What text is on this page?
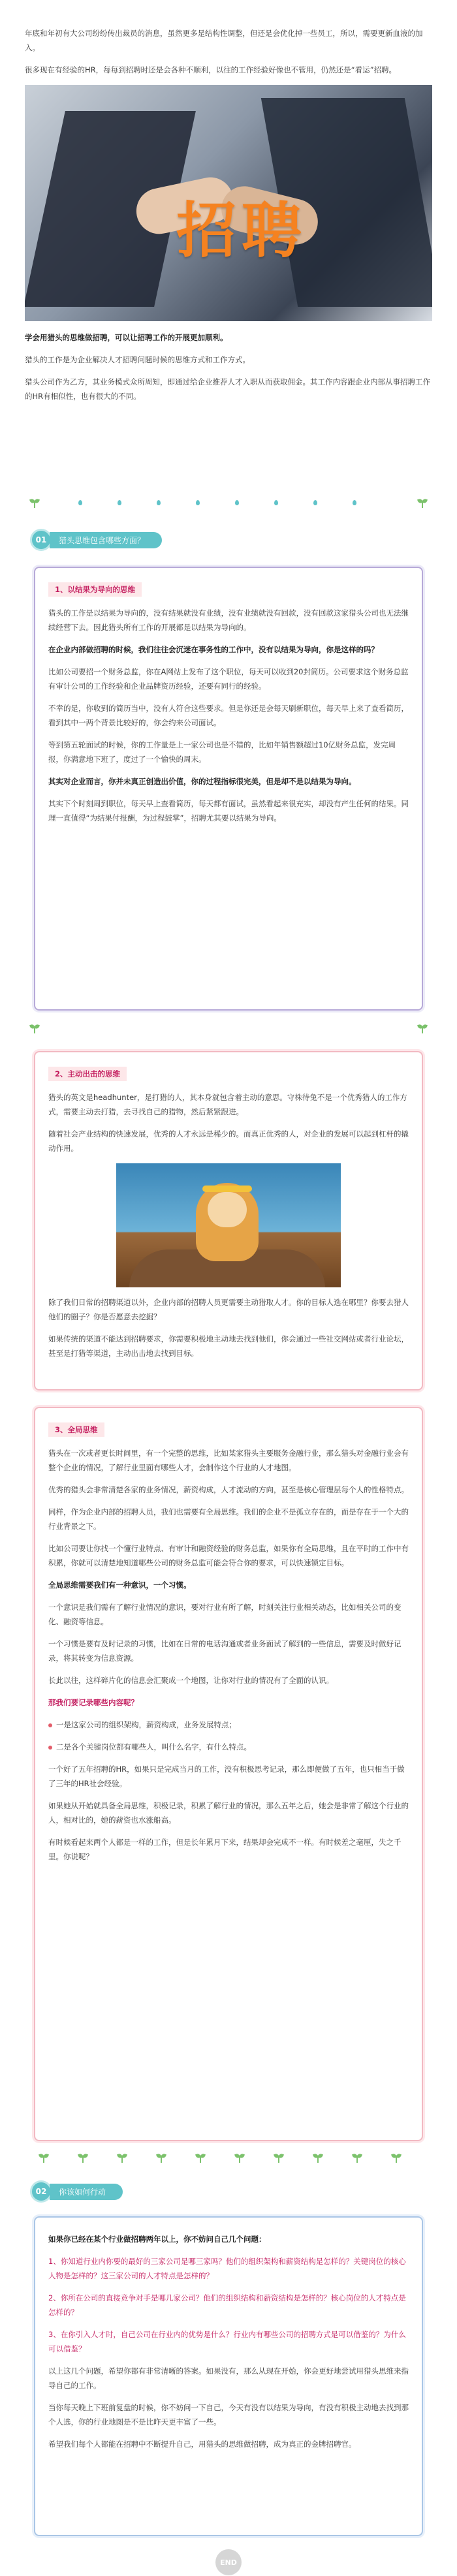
年底和年初有大公司纷纷传出裁员的消息，虽然更多是结构性调整，但还是会优化掉一些员工，所以，需要更新血液的加入。

很多现在有经验的HR，每每到招聘时还是会各种不顺利，以往的工作经验好像也不管用，仍然还是“看运”招聘。

招聘

学会用猎头的思维做招聘，可以让招聘工作的开展更加顺利。

猎头的工作是为企业解决人才招聘问题时候的思维方式和工作方式。

猎头公司作为乙方，其业务模式众所周知，即通过给企业推荐人才入职从而获取佣金。其工作内容跟企业内部从事招聘工作的HR有相似性，也有很大的不同。

01	猎头思维包含哪些方面？
1、以结果为导向的思维

猎头的工作是以结果为导向的，没有结果就没有业绩，没有业绩就没有回款，没有回款这家猎头公司也无法继续经营下去。因此猎头所有工作的开展都是以结果为导向的。

在企业内部做招聘的时候，我们往往会沉迷在事务性的工作中，没有以结果为导向，你是这样的吗？

比如公司要招一个财务总监，你在A网站上发布了这个职位，每天可以收到20封简历。公司要求这个财务总监有审计公司的工作经验和企业品牌资历经验，还要有同行的经验。

不幸的是，你收到的简历当中，没有人符合这些要求。但是你还是会每天刷新职位，每天早上来了查看简历，看到其中一两个背景比较好的，你会约来公司面试。

等到第五轮面试的时候，你的工作量是上一家公司也是不错的，比如年销售额超过10亿财务总监，发完周报，你满意地下班了，度过了一个愉快的周末。

其实对企业而言，你并未真正创造出价值，你的过程指标很完美，但是却不是以结果为导向。

其实下个时刻周到职位，每天早上查看简历，每天都有面试，虽然看起来很充实，却没有产生任何的结果。同理一直值得“为结果付报酬，为过程鼓掌”，招聘尤其要以结果为导向。

2、主动出击的思维

猎头的英文是headhunter，是打猎的人，其本身就包含着主动的意思。守株待兔不是一个优秀猎人的工作方式，需要主动去打猎，去寻找自己的猎物，然后紧紧跟进。

随着社会产业结构的快速发展，优秀的人才永远是稀少的。而真正优秀的人，对企业的发展可以起到杠杆的撬动作用。

除了我们日常的招聘渠道以外，企业内部的招聘人员更需要主动猎取人才。你的目标人选在哪里？你要去猎人他们的圈子？你是否愿意去挖掘？

如果传统的渠道不能达到招聘要求，你需要积极地主动地去找到他们，你会通过一些社交网站或者行业论坛，甚至是打猎等渠道，主动出击地去找到目标。

3、全局思维

猎头在一次或者更长时间里，有一个完整的思维，比如某家猎头主要服务金融行业，那么猎头对金融行业会有整个企业的情况，了解行业里面有哪些人才，会制作这个行业的人才地图。

优秀的猎头会非常清楚各家的业务情况，薪资构成，人才流动的方向，甚至是核心管理层每个人的性格特点。

同样，作为企业内部的招聘人员，我们也需要有全局思维。我们的企业不是孤立存在的，而是存在于一个大的行业背景之下。

比如公司要让你找一个懂行业特点、有审计和融资经验的财务总监，如果你有全局思维，且在平时的工作中有积累，你就可以清楚地知道哪些公司的财务总监可能会符合你的要求，可以快速锁定目标。

全局思维需要我们有一种意识，一个习惯。

一个意识是我们需有了解行业情况的意识，要对行业有所了解，时刻关注行业相关动态，比如相关公司的变化、融资等信息。

一个习惯是要有及时记录的习惯，比如在日常的电话沟通或者业务面试了解到的一些信息，需要及时做好记录，将其转变为信息资源。

长此以往，这样碎片化的信息会汇聚成一个地图，让你对行业的情况有了全面的认识。

那我们要记录哪些内容呢？

一是这家公司的组织架构，薪资构成，业务发展特点；

二是各个关键岗位都有哪些人，叫什么名字，有什么特点。

一个好了五年招聘的HR，如果只是完成当月的工作，没有积极思考记录，那么即便做了五年，也只相当于做了三年的HR社会经验。

如果她从开始就具备全局思维，积极记录，积累了解行业的情况，那么五年之后，她会是非常了解这个行业的人，相对比的，她的薪资也水涨船高。

有时候看起来两个人都是一样的工作，但是长年累月下来，结果却会完成不一样。有时候差之毫厘，失之千里。你说呢？

02	你该如何行动

如果你已经在某个行业做招聘两年以上，你不妨问自己几个问题：

1、你知道行业内你要的最好的三家公司是哪三家吗？他们的组织架构和薪资结构是怎样的？关键岗位的核心人物是怎样的？这三家公司的人才特点是怎样的？

2、你所在公司的直接竞争对手是哪几家公司？他们的组织结构和薪资结构是怎样的？核心岗位的人才特点是怎样的？

3、在你引入人才时，自己公司在行业内的优势是什么？行业内有哪些公司的招聘方式是可以借鉴的？为什么可以借鉴？

以上这几个问题，希望你都有非常清晰的答案。如果没有，那么从现在开始，你会更好地尝试用猎头思维来指导自己的工作。

当你每天晚上下班前复盘的时候，你不妨问一下自己，今天有没有以结果为导向，有没有积极主动地去找到那个人选，你的行业地图是不是比昨天更丰富了一些。

希望我们每个人都能在招聘中不断提升自己，用猎头的思维做招聘，成为真正的金牌招聘官。

END
